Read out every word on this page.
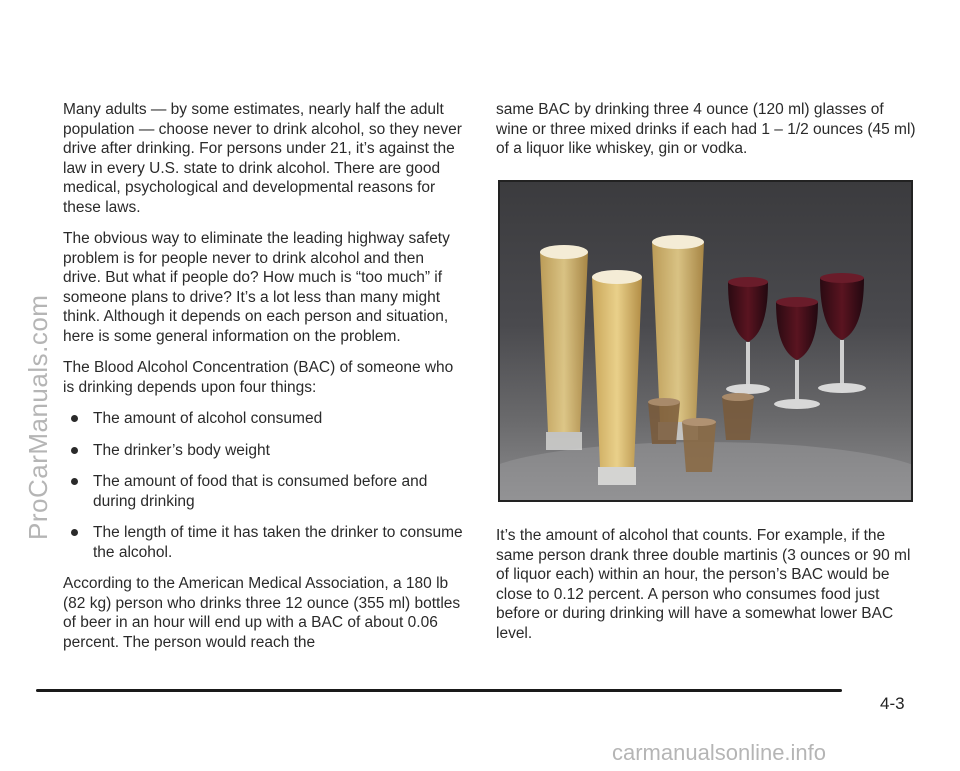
Many adults — by some estimates, nearly half the adult population — choose never to drink alcohol, so they never drive after drinking. For persons under 21, it’s against the law in every U.S. state to drink alcohol. There are good medical, psychological and developmental reasons for these laws.

The obvious way to eliminate the leading highway safety problem is for people never to drink alcohol and then drive. But what if people do? How much is “too much” if someone plans to drive? It’s a lot less than many might think. Although it depends on each person and situation, here is some general information on the problem.

The Blood Alcohol Concentration (BAC) of someone who is drinking depends upon four things:

The amount of alcohol consumed
The drinker’s body weight
The amount of food that is consumed before and during drinking
The length of time it has taken the drinker to consume the alcohol.

According to the American Medical Association, a 180 lb (82 kg) person who drinks three 12 ounce (355 ml) bottles of beer in an hour will end up with a BAC of about 0.06 percent. The person would reach the

same BAC by drinking three 4 ounce (120 ml) glasses of wine or three mixed drinks if each had 1 – 1/2 ounces (45 ml) of a liquor like whiskey, gin or vodka.

It’s the amount of alcohol that counts. For example, if the same person drank three double martinis (3 ounces or 90 ml of liquor each) within an hour, the person’s BAC would be close to 0.12 percent. A person who consumes food just before or during drinking will have a somewhat lower BAC level.
4-3
ProCarManuals.com
carmanualsonline.info
